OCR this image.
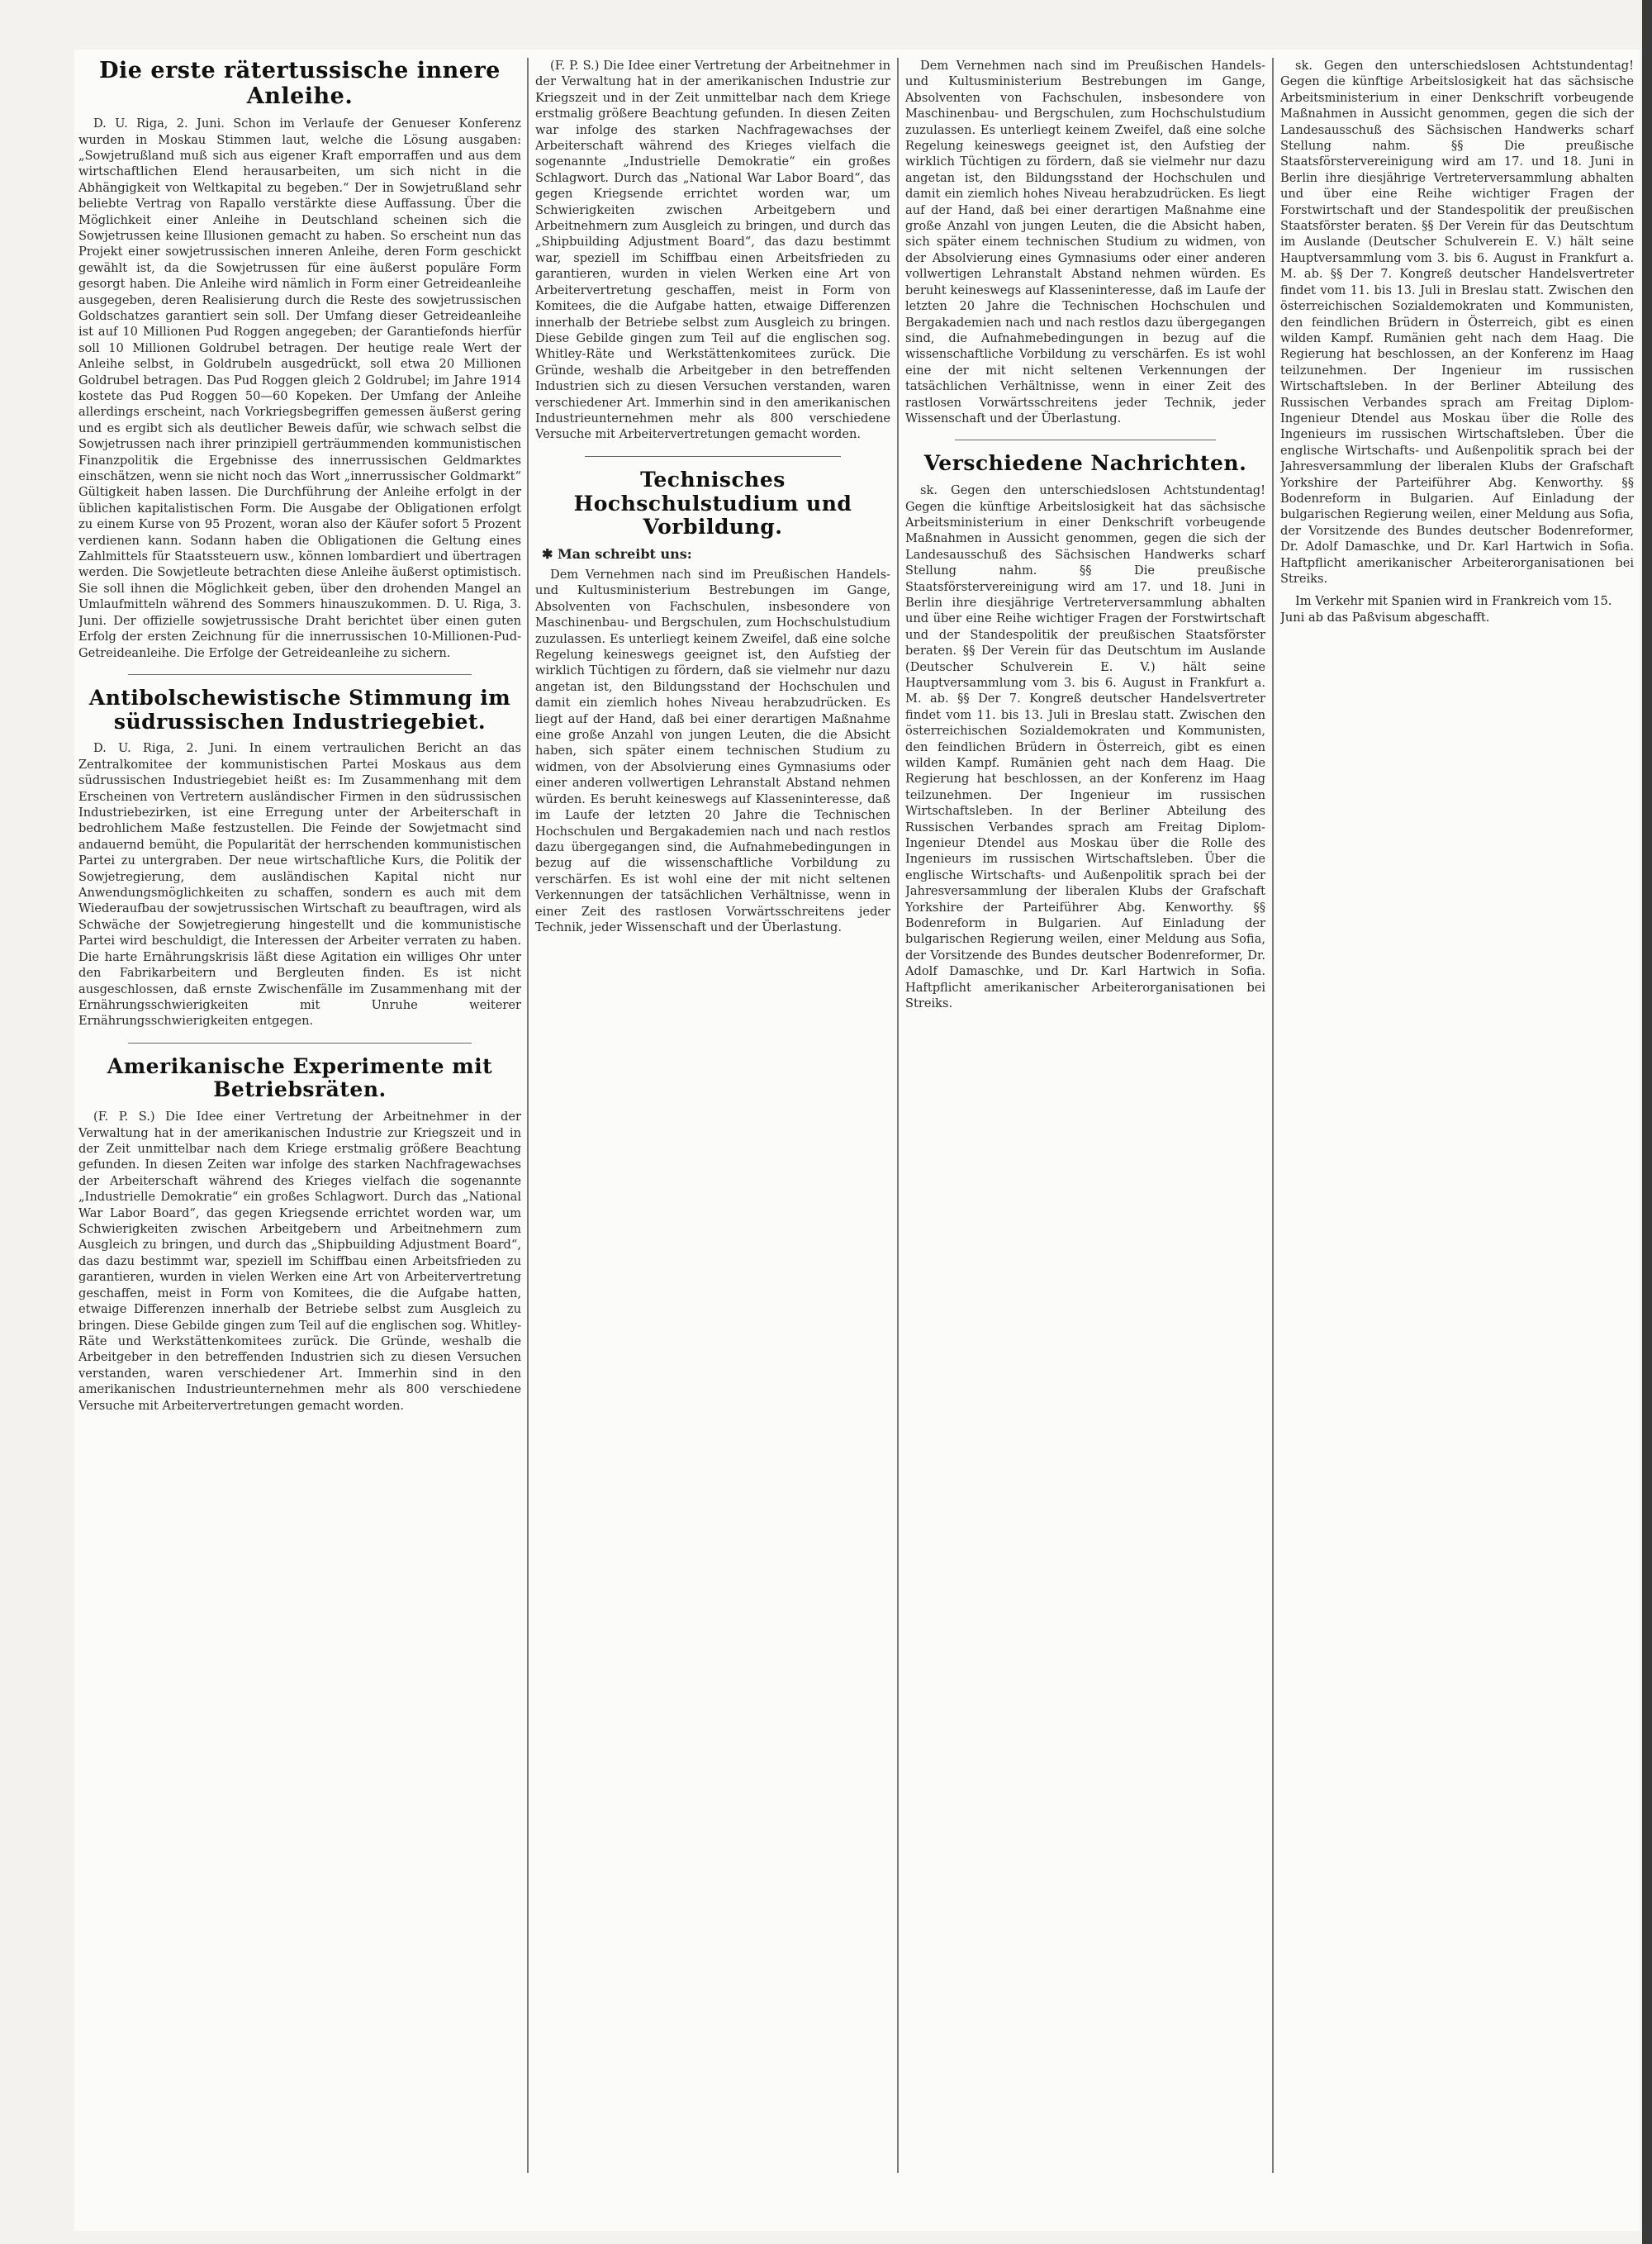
Die erste rätertussische innere Anleihe.

D. U. Riga, 2. Juni. Schon im Verlaufe der Genueser Konferenz wurden in Moskau Stimmen laut, welche die Lösung ausgaben: „Sowjetrußland muß sich aus eigener Kraft emporraffen und aus dem wirtschaftlichen Elend herausarbeiten, um sich nicht in die Abhängigkeit von Weltkapital zu begeben.“ Der in Sowjetrußland sehr beliebte Vertrag von Rapallo verstärkte diese Auffassung. Über die Möglichkeit einer Anleihe in Deutschland scheinen sich die Sowjetrussen keine Illusionen gemacht zu haben. So erscheint nun das Projekt einer sowjetrussischen inneren Anleihe, deren Form geschickt gewählt ist, da die Sowjetrussen für eine äußerst populäre Form gesorgt haben. Die Anleihe wird nämlich in Form einer Getreideanleihe ausgegeben, deren Realisierung durch die Reste des sowjetrussischen Goldschatzes garantiert sein soll. Der Umfang dieser Getreideanleihe ist auf 10 Millionen Pud Roggen angegeben; der Garantiefonds hierfür soll 10 Millionen Goldrubel betragen. Der heutige reale Wert der Anleihe selbst, in Goldrubeln ausgedrückt, soll etwa 20 Millionen Goldrubel betragen. Das Pud Roggen gleich 2 Goldrubel; im Jahre 1914 kostete das Pud Roggen 50—60 Kopeken. Der Umfang der Anleihe allerdings erscheint, nach Vorkriegsbegriffen gemessen äußerst gering und es ergibt sich als deutlicher Beweis dafür, wie schwach selbst die Sowjetrussen nach ihrer prinzipiell gerträummenden kommunistischen Finanzpolitik die Ergebnisse des innerrussischen Geldmarktes einschätzen, wenn sie nicht noch das Wort „innerrussischer Goldmarkt“ Gültigkeit haben lassen. Die Durchführung der Anleihe erfolgt in der üblichen kapitalistischen Form. Die Ausgabe der Obligationen erfolgt zu einem Kurse von 95 Prozent, woran also der Käufer sofort 5 Prozent verdienen kann. Sodann haben die Obligationen die Geltung eines Zahlmittels für Staatssteuern usw., können lombardiert und übertragen werden. Die Sowjetleute betrachten diese Anleihe äußerst optimistisch. Sie soll ihnen die Möglichkeit geben, über den drohenden Mangel an Umlaufmitteln während des Sommers hinauszukommen. D. U. Riga, 3. Juni. Der offizielle sowjetrussische Draht berichtet über einen guten Erfolg der ersten Zeichnung für die innerrussischen 10-Millionen-Pud-Getreideanleihe. Die Erfolge der Getreideanleihe zu sichern.

Antibolschewistische Stimmung im südrussischen Industriegebiet.

D. U. Riga, 2. Juni. In einem vertraulichen Bericht an das Zentralkomitee der kommunistischen Partei Moskaus aus dem südrussischen Industriegebiet heißt es: Im Zusammenhang mit dem Erscheinen von Vertretern ausländischer Firmen in den südrussischen Industriebezirken, ist eine Erregung unter der Arbeiterschaft in bedrohlichem Maße festzustellen. Die Feinde der Sowjetmacht sind andauernd bemüht, die Popularität der herrschenden kommunistischen Partei zu untergraben. Der neue wirtschaftliche Kurs, die Politik der Sowjetregierung, dem ausländischen Kapital nicht nur Anwendungsmöglichkeiten zu schaffen, sondern es auch mit dem Wiederaufbau der sowjetrussischen Wirtschaft zu beauftragen, wird als Schwäche der Sowjetregierung hingestellt und die kommunistische Partei wird beschuldigt, die Interessen der Arbeiter verraten zu haben. Die harte Ernährungskrisis läßt diese Agitation ein williges Ohr unter den Fabrikarbeitern und Bergleuten finden. Es ist nicht ausgeschlossen, daß ernste Zwischenfälle im Zusammenhang mit der Ernährungsschwierigkeiten mit Unruhe weiterer Ernährungsschwierigkeiten entgegen.

Amerikanische Experimente mit Betriebsräten.

(F. P. S.) Die Idee einer Vertretung der Arbeitnehmer in der Verwaltung hat in der amerikanischen Industrie zur Kriegszeit und in der Zeit unmittelbar nach dem Kriege erstmalig größere Beachtung gefunden. In diesen Zeiten war infolge des starken Nachfragewachses der Arbeiterschaft während des Krieges vielfach die sogenannte „Industrielle Demokratie“ ein großes Schlagwort. Durch das „National War Labor Board“, das gegen Kriegsende errichtet worden war, um Schwierigkeiten zwischen Arbeitgebern und Arbeitnehmern zum Ausgleich zu bringen, und durch das „Shipbuilding Adjustment Board“, das dazu bestimmt war, speziell im Schiffbau einen Arbeitsfrieden zu garantieren, wurden in vielen Werken eine Art von Arbeitervertretung geschaffen, meist in Form von Komitees, die die Aufgabe hatten, etwaige Differenzen innerhalb der Betriebe selbst zum Ausgleich zu bringen. Diese Gebilde gingen zum Teil auf die englischen sog. Whitley-Räte und Werkstättenkomitees zurück. Die Gründe, weshalb die Arbeitgeber in den betreffenden Industrien sich zu diesen Versuchen verstanden, waren verschiedener Art. Immerhin sind in den amerikanischen Industrieunternehmen mehr als 800 verschiedene Versuche mit Arbeitervertretungen gemacht worden.

(F. P. S.) Die Idee einer Vertretung der Arbeitnehmer in der Verwaltung hat in der amerikanischen Industrie zur Kriegszeit und in der Zeit unmittelbar nach dem Kriege erstmalig größere Beachtung gefunden. In diesen Zeiten war infolge des starken Nachfragewachses der Arbeiterschaft während des Krieges vielfach die sogenannte „Industrielle Demokratie“ ein großes Schlagwort. Durch das „National War Labor Board“, das gegen Kriegsende errichtet worden war, um Schwierigkeiten zwischen Arbeitgebern und Arbeitnehmern zum Ausgleich zu bringen, und durch das „Shipbuilding Adjustment Board“, das dazu bestimmt war, speziell im Schiffbau einen Arbeitsfrieden zu garantieren, wurden in vielen Werken eine Art von Arbeitervertretung geschaffen, meist in Form von Komitees, die die Aufgabe hatten, etwaige Differenzen innerhalb der Betriebe selbst zum Ausgleich zu bringen. Diese Gebilde gingen zum Teil auf die englischen sog. Whitley-Räte und Werkstättenkomitees zurück. Die Gründe, weshalb die Arbeitgeber in den betreffenden Industrien sich zu diesen Versuchen verstanden, waren verschiedener Art. Immerhin sind in den amerikanischen Industrieunternehmen mehr als 800 verschiedene Versuche mit Arbeitervertretungen gemacht worden.

Technisches Hochschulstudium und Vorbildung.
✱ Man schreibt uns:

Dem Vernehmen nach sind im Preußischen Handels- und Kultusministerium Bestrebungen im Gange, Absolventen von Fachschulen, insbesondere von Maschinenbau- und Bergschulen, zum Hochschulstudium zuzulassen. Es unterliegt keinem Zweifel, daß eine solche Regelung keineswegs geeignet ist, den Aufstieg der wirklich Tüchtigen zu fördern, daß sie vielmehr nur dazu angetan ist, den Bildungsstand der Hochschulen und damit ein ziemlich hohes Niveau herabzudrücken. Es liegt auf der Hand, daß bei einer derartigen Maßnahme eine große Anzahl von jungen Leuten, die die Absicht haben, sich später einem technischen Studium zu widmen, von der Absolvierung eines Gymnasiums oder einer anderen vollwertigen Lehranstalt Abstand nehmen würden. Es beruht keineswegs auf Klasseninteresse, daß im Laufe der letzten 20 Jahre die Technischen Hochschulen und Bergakademien nach und nach restlos dazu übergegangen sind, die Aufnahmebedingungen in bezug auf die wissenschaftliche Vorbildung zu verschärfen. Es ist wohl eine der mit nicht seltenen Verkennungen der tatsächlichen Verhältnisse, wenn in einer Zeit des rastlosen Vorwärtsschreitens jeder Technik, jeder Wissenschaft und der Überlastung.

Dem Vernehmen nach sind im Preußischen Handels- und Kultusministerium Bestrebungen im Gange, Absolventen von Fachschulen, insbesondere von Maschinenbau- und Bergschulen, zum Hochschulstudium zuzulassen. Es unterliegt keinem Zweifel, daß eine solche Regelung keineswegs geeignet ist, den Aufstieg der wirklich Tüchtigen zu fördern, daß sie vielmehr nur dazu angetan ist, den Bildungsstand der Hochschulen und damit ein ziemlich hohes Niveau herabzudrücken. Es liegt auf der Hand, daß bei einer derartigen Maßnahme eine große Anzahl von jungen Leuten, die die Absicht haben, sich später einem technischen Studium zu widmen, von der Absolvierung eines Gymnasiums oder einer anderen vollwertigen Lehranstalt Abstand nehmen würden. Es beruht keineswegs auf Klasseninteresse, daß im Laufe der letzten 20 Jahre die Technischen Hochschulen und Bergakademien nach und nach restlos dazu übergegangen sind, die Aufnahmebedingungen in bezug auf die wissenschaftliche Vorbildung zu verschärfen. Es ist wohl eine der mit nicht seltenen Verkennungen der tatsächlichen Verhältnisse, wenn in einer Zeit des rastlosen Vorwärtsschreitens jeder Technik, jeder Wissenschaft und der Überlastung.

Verschiedene Nachrichten.

sk. Gegen den unterschiedslosen Achtstundentag! Gegen die künftige Arbeitslosigkeit hat das sächsische Arbeitsministerium in einer Denkschrift vorbeugende Maßnahmen in Aussicht genommen, gegen die sich der Landesausschuß des Sächsischen Handwerks scharf Stellung nahm. §§ Die preußische Staatsförstervereinigung wird am 17. und 18. Juni in Berlin ihre diesjährige Vertreterversammlung abhalten und über eine Reihe wichtiger Fragen der Forstwirtschaft und der Standespolitik der preußischen Staatsförster beraten. §§ Der Verein für das Deutschtum im Auslande (Deutscher Schulverein E. V.) hält seine Hauptversammlung vom 3. bis 6. August in Frankfurt a. M. ab. §§ Der 7. Kongreß deutscher Handelsvertreter findet vom 11. bis 13. Juli in Breslau statt. Zwischen den österreichischen Sozialdemokraten und Kommunisten, den feindlichen Brüdern in Österreich, gibt es einen wilden Kampf. Rumänien geht nach dem Haag. Die Regierung hat beschlossen, an der Konferenz im Haag teilzunehmen. Der Ingenieur im russischen Wirtschaftsleben. In der Berliner Abteilung des Russischen Verbandes sprach am Freitag Diplom-Ingenieur Dtendel aus Moskau über die Rolle des Ingenieurs im russischen Wirtschaftsleben. Über die englische Wirtschafts- und Außenpolitik sprach bei der Jahresversammlung der liberalen Klubs der Grafschaft Yorkshire der Parteiführer Abg. Kenworthy. §§ Bodenreform in Bulgarien. Auf Einladung der bulgarischen Regierung weilen, einer Meldung aus Sofia, der Vorsitzende des Bundes deutscher Bodenreformer, Dr. Adolf Damaschke, und Dr. Karl Hartwich in Sofia. Haftpflicht amerikanischer Arbeiterorganisationen bei Streiks.

sk. Gegen den unterschiedslosen Achtstundentag! Gegen die künftige Arbeitslosigkeit hat das sächsische Arbeitsministerium in einer Denkschrift vorbeugende Maßnahmen in Aussicht genommen, gegen die sich der Landesausschuß des Sächsischen Handwerks scharf Stellung nahm. §§ Die preußische Staatsförstervereinigung wird am 17. und 18. Juni in Berlin ihre diesjährige Vertreterversammlung abhalten und über eine Reihe wichtiger Fragen der Forstwirtschaft und der Standespolitik der preußischen Staatsförster beraten. §§ Der Verein für das Deutschtum im Auslande (Deutscher Schulverein E. V.) hält seine Hauptversammlung vom 3. bis 6. August in Frankfurt a. M. ab. §§ Der 7. Kongreß deutscher Handelsvertreter findet vom 11. bis 13. Juli in Breslau statt. Zwischen den österreichischen Sozialdemokraten und Kommunisten, den feindlichen Brüdern in Österreich, gibt es einen wilden Kampf. Rumänien geht nach dem Haag. Die Regierung hat beschlossen, an der Konferenz im Haag teilzunehmen. Der Ingenieur im russischen Wirtschaftsleben. In der Berliner Abteilung des Russischen Verbandes sprach am Freitag Diplom-Ingenieur Dtendel aus Moskau über die Rolle des Ingenieurs im russischen Wirtschaftsleben. Über die englische Wirtschafts- und Außenpolitik sprach bei der Jahresversammlung der liberalen Klubs der Grafschaft Yorkshire der Parteiführer Abg. Kenworthy. §§ Bodenreform in Bulgarien. Auf Einladung der bulgarischen Regierung weilen, einer Meldung aus Sofia, der Vorsitzende des Bundes deutscher Bodenreformer, Dr. Adolf Damaschke, und Dr. Karl Hartwich in Sofia. Haftpflicht amerikanischer Arbeiterorganisationen bei Streiks.

Im Verkehr mit Spanien wird in Frankreich vom 15. Juni ab das Paßvisum abgeschafft.
